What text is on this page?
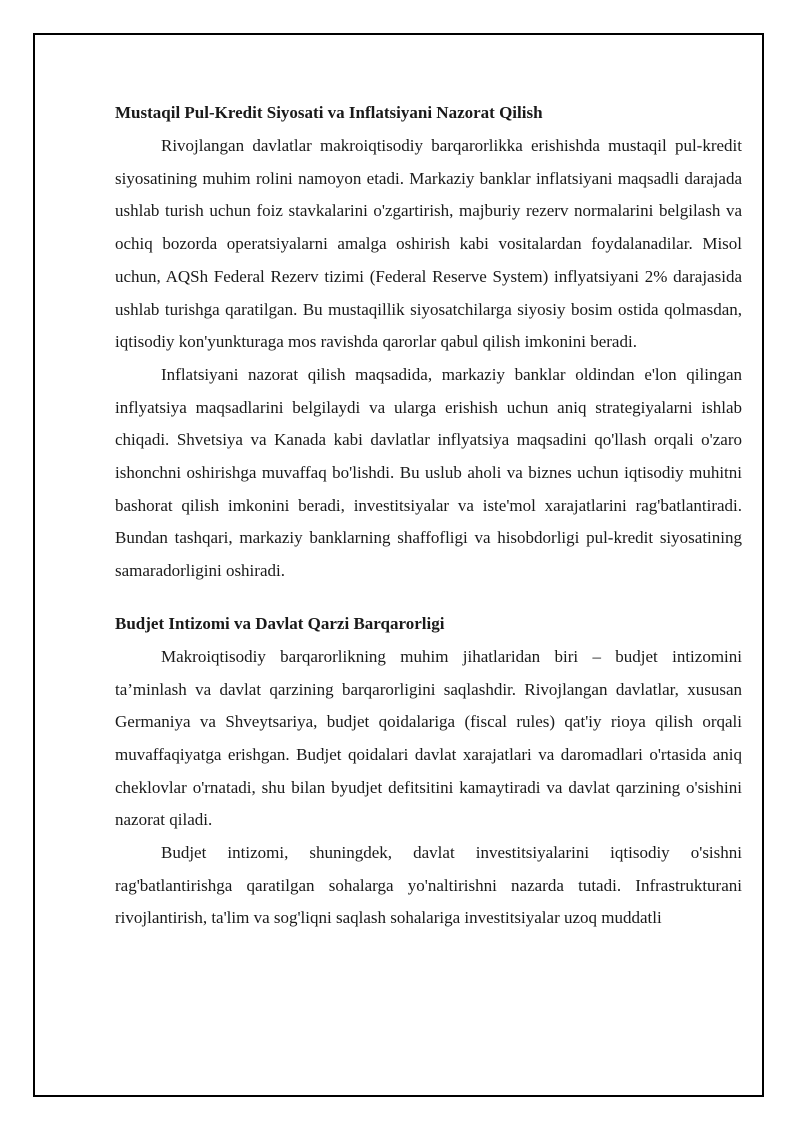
Mustaqil Pul-Kredit Siyosati va Inflatsiyani Nazorat Qilish

Rivojlangan davlatlar makroiqtisodiy barqarorlikka erishishda mustaqil pul-kredit siyosatining muhim rolini namoyon etadi. Markaziy banklar inflatsiyani maqsadli darajada ushlab turish uchun foiz stavkalarini o'zgartirish, majburiy rezerv normalarini belgilash va ochiq bozorda operatsiyalarni amalga oshirish kabi vositalardan foydalanadilar. Misol uchun, AQSh Federal Rezerv tizimi (Federal Reserve System) inflyatsiyani 2% darajasida ushlab turishga qaratilgan. Bu mustaqillik siyosatchilarga siyosiy bosim ostida qolmasdan, iqtisodiy kon'yunkturaga mos ravishda qarorlar qabul qilish imkonini beradi.

Inflatsiyani nazorat qilish maqsadida, markaziy banklar oldindan e'lon qilingan inflyatsiya maqsadlarini belgilaydi va ularga erishish uchun aniq strategiyalarni ishlab chiqadi. Shvetsiya va Kanada kabi davlatlar inflyatsiya maqsadini qo'llash orqali o'zaro ishonchni oshirishga muvaffaq bo'lishdi. Bu uslub aholi va biznes uchun iqtisodiy muhitni bashorat qilish imkonini beradi, investitsiyalar va iste'mol xarajatlarini rag'batlantiradi. Bundan tashqari, markaziy banklarning shaffofligi va hisobdorligi pul-kredit siyosatining samaradorligini oshiradi.

Budjet Intizomi va Davlat Qarzi Barqarorligi

Makroiqtisodiy barqarorlikning muhim jihatlaridan biri – budjet intizomini ta’minlash va davlat qarzining barqarorligini saqlashdir. Rivojlangan davlatlar, xususan Germaniya va Shveytsariya, budjet qoidalariga (fiscal rules) qat'iy rioya qilish orqali muvaffaqiyatga erishgan. Budjet qoidalari davlat xarajatlari va daromadlari o'rtasida aniq cheklovlar o'rnatadi, shu bilan byudjet defitsitini kamaytiradi va davlat qarzining o'sishini nazorat qiladi.

Budjet intizomi, shuningdek, davlat investitsiyalarini iqtisodiy o'sishni rag'batlantirishga qaratilgan sohalarga yo'naltirishni nazarda tutadi. Infrastrukturani rivojlantirish, ta'lim va sog'liqni saqlash sohalariga investitsiyalar uzoq muddatli
